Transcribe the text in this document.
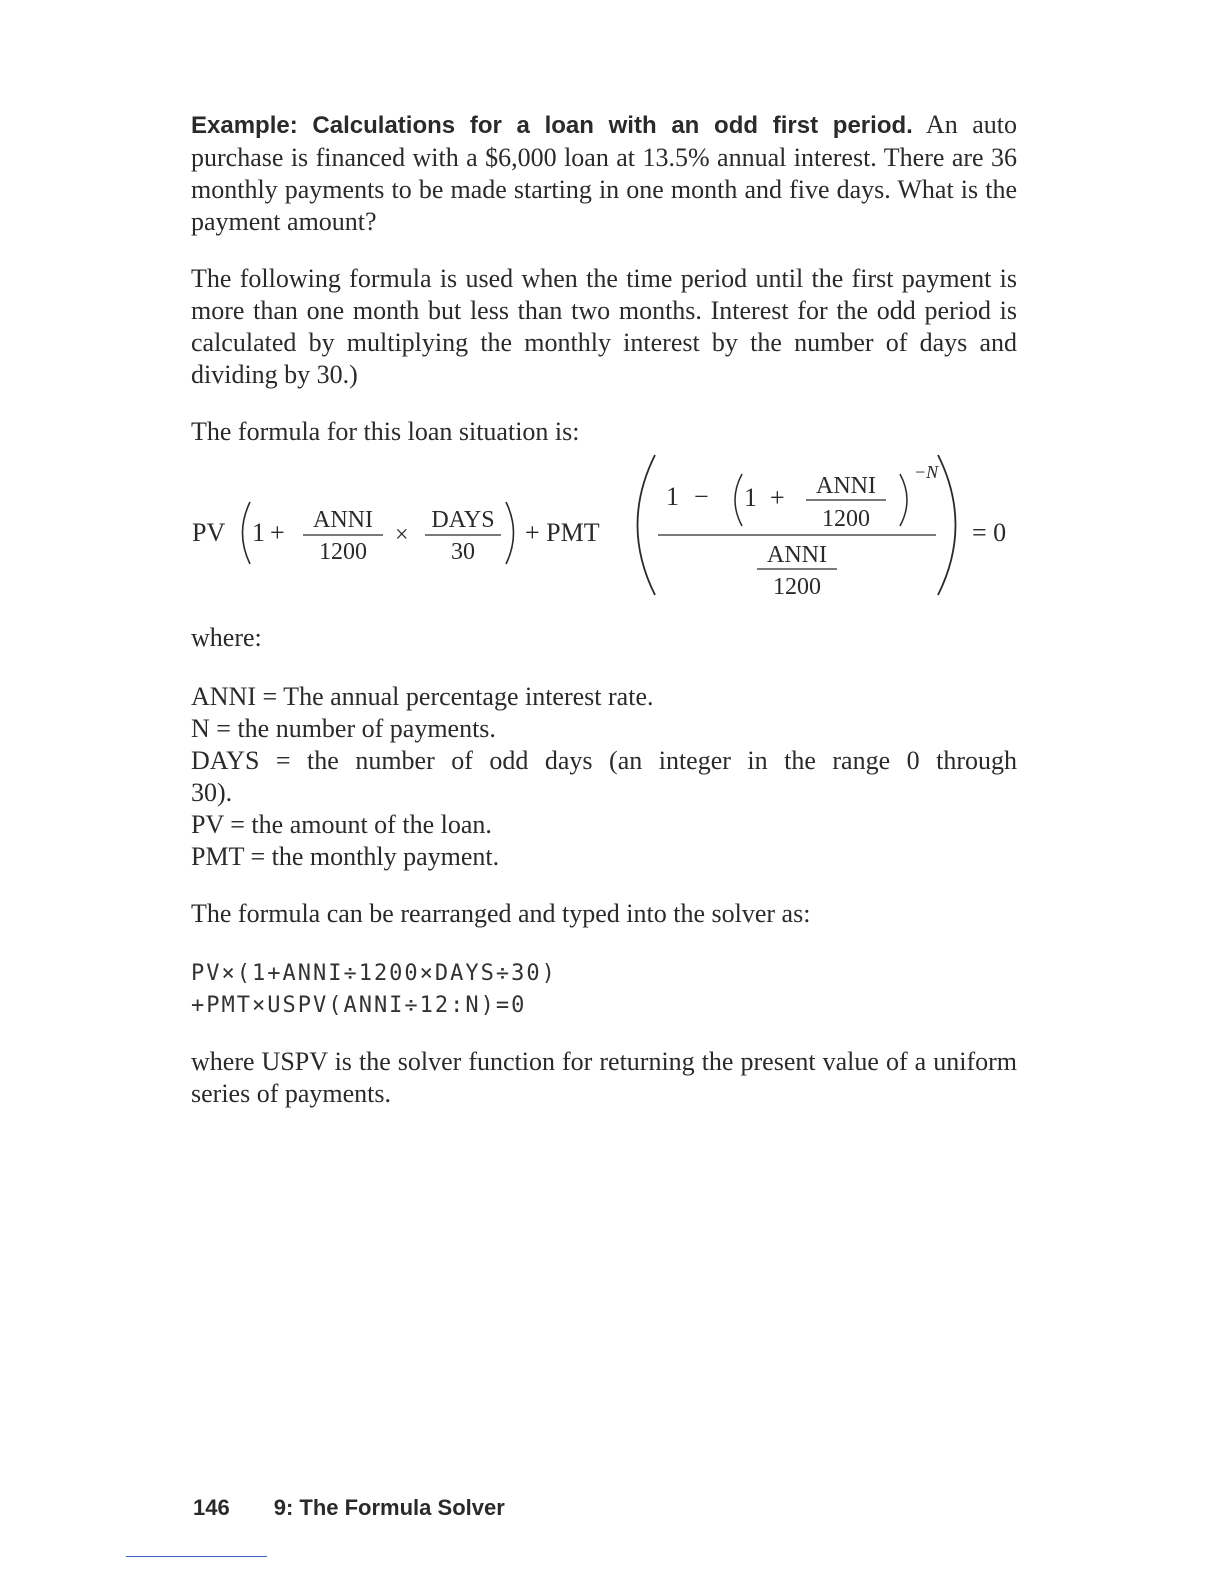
Example: Calculations for a loan with an odd first period. An auto purchase is financed with a $6,000 loan at 13.5% annual interest. There are 36 monthly payments to be made starting in one month and five days. What is the payment amount?

The following formula is used when the time period until the first payment is more than one month but less than two months. Interest for the odd period is calculated by multiplying the monthly interest by the number of days and dividing by 30.)

The formula for this loan situation is:
PV 1 + ANNI
1200
×
DAYS
30
+ PMT
1 − 1 + ANNI
1200
−N
ANNI
1200
= 0
where:
ANNI = The annual percentage interest rate.
N = the number of payments.
DAYS = the number of odd days (an integer in the range 0 through
30).
PV = the amount of the loan.
PMT = the monthly payment.
The formula can be rearranged and typed into the solver as:
PV×(1+ANNI÷1200×DAYS÷30)
+PMT×USPV(ANNI÷12:N)=0

where USPV is the solver function for returning the present value of a uniform series of payments.

146 9: The Formula Solver
